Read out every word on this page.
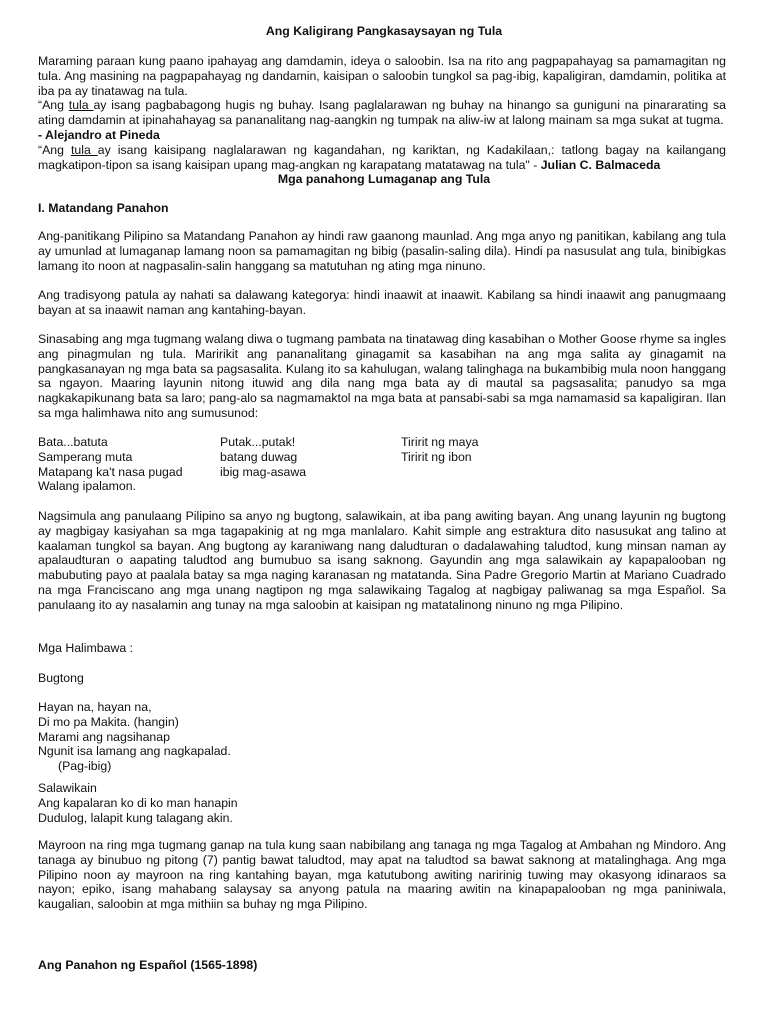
Ang Kaligirang Pangkasaysayan ng Tula

Maraming paraan kung paano ipahayag ang damdamin, ideya o saloobin. Isa na rito ang pagpapahayag sa pamamagitan ng tula. Ang masining na pagpapahayag ng dandamin, kaisipan o saloobin tungkol sa pag-ibig, kapaligiran, damdamin, politika at iba pa ay tinatawag na tula.

“Ang tula ay isang pagbabagong hugis ng buhay. Isang paglalarawan ng buhay na hinango sa guniguni na pinararating sa ating damdamin at ipinahahayag sa pananalitang nag-aangkin ng tumpak na aliw-iw at lalong mainam sa mga sukat at tugma.

- Alejandro at Pineda

“Ang tula ay isang kaisipang naglalarawan ng kagandahan, ng kariktan, ng Kadakilaan,: tatlong bagay na kailangang magkatipon-tipon sa isang kaisipan upang mag-angkan ng karapatang matatawag na tula" - Julian C. Balmaceda

Mga panahong Lumaganap ang Tula
I. Matandang Panahon

Ang-panitikang Pilipino sa Matandang Panahon ay hindi raw gaanong maunlad. Ang mga anyo ng panitikan, kabilang ang tula ay umunlad at lumaganap lamang noon sa pamamagitan ng bibig (pasalin-saling dila). Hindi pa nasusulat ang tula, binibigkas lamang ito noon at nagpasalin-salin hanggang sa matutuhan ng ating mga ninuno.

Ang tradisyong patula ay nahati sa dalawang kategorya: hindi inaawit at inaawit. Kabilang sa hindi inaawit ang panugmaang bayan at sa inaawit naman ang kantahing-bayan.

Sinasabing ang mga tugmang walang diwa o tugmang pambata na tinatawag ding kasabihan o Mother Goose rhyme sa ingles ang pinagmulan ng tula. Maririkit ang pananalitang ginagamit sa kasabihan na ang mga salita ay ginagamit na pangkasanayan ng mga bata sa pagsasalita. Kulang ito sa kahulugan, walang talinghaga na bukambibig mula noon hanggang sa ngayon. Maaring layunin nitong ituwid ang dila nang mga bata ay di mautal sa pagsasalita; panudyo sa mga nagkakapikunang bata sa laro; pang-alo sa nagmamaktol na mga bata at pansabi-sabi sa mga namamasid sa kapaligiran. Ilan sa mga halimhawa nito ang sumusunod:

Bata...batuta
Samperang muta
Matapang ka't nasa pugad
Walang ipalamon.
Putak...putak!
batang duwag
ibig mag-asawa
Tiririt ng maya
Tiririt ng ibon

Nagsimula ang panulaang Pilipino sa anyo ng bugtong, salawikain, at iba pang awiting bayan. Ang unang layunin ng bugtong ay magbigay kasiyahan sa mga tagapakinig at ng mga manlalaro. Kahit simple ang estraktura dito nasusukat ang talino at kaalaman tungkol sa bayan. Ang bugtong ay karaniwang nang daludturan o dadalawahing taludtod, kung minsan naman ay apalaudturan o aapating taludtod ang bumubuo sa isang saknong. Gayundin ang mga salawikain ay kapapalooban ng mabubuting payo at paalala batay sa mga naging karanasan ng matatanda. Sina Padre Gregorio Martin at Mariano Cuadrado na mga Franciscano ang mga unang nagtipon ng mga salawikaing Tagalog at nagbigay paliwanag sa mga Español. Sa panulaang ito ay nasalamin ang tunay na mga saloobin at kaisipan ng matatalinong ninuno ng mga Pilipino.

Mga Halimbawa :
Bugtong
Hayan na, hayan na,
Di mo pa Makita. (hangin)
Marami ang nagsihanap
Ngunit isa lamang ang nagkapalad.
(Pag-ibig)
Salawikain
Ang kapalaran ko di ko man hanapin
Dudulog, lalapit kung talagang akin.

Mayroon na ring mga tugmang ganap na tula kung saan nabibilang ang tanaga ng mga Tagalog at Ambahan ng Mindoro. Ang tanaga ay binubuo ng pitong (7) pantig bawat taludtod, may apat na taludtod sa bawat saknong at matalinghaga. Ang mga Pilipino noon ay mayroon na ring kantahing bayan, mga katutubong awiting naririnig tuwing may okasyong idinaraos sa nayon; epiko, isang mahabang salaysay sa anyong patula na maaring awitin na kinapapalooban ng mga paniniwala, kaugalian, saloobin at mga mithiin sa buhay ng mga Pilipino.

Ang Panahon ng Español (1565-1898)
